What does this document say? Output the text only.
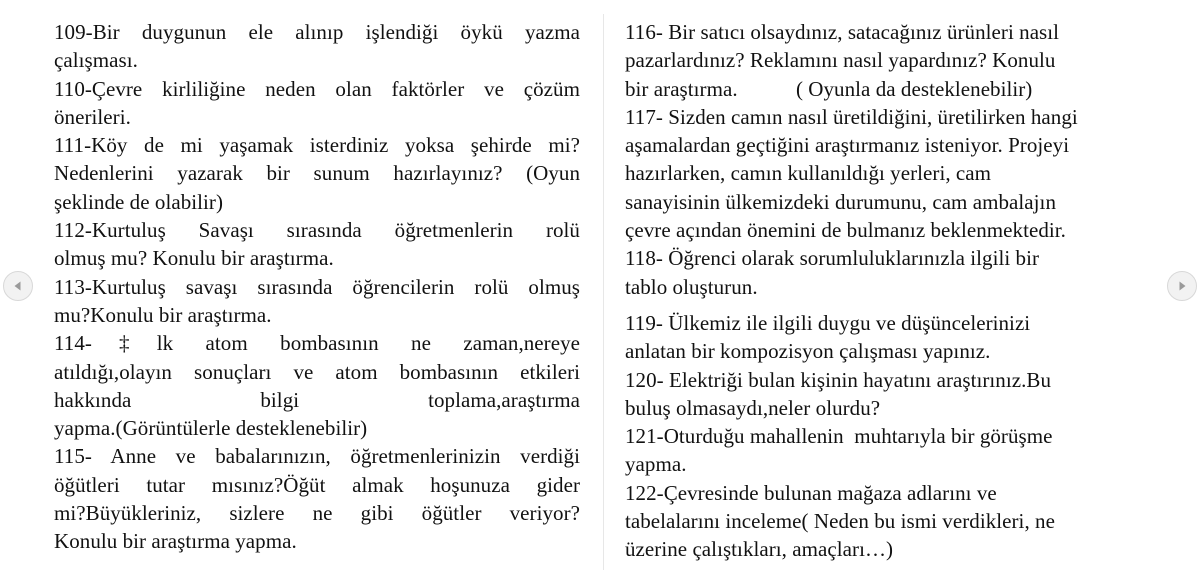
109-Bir duygunun ele alınıp işlendiği öykü yazma
çalışması.
110-Çevre kirliliğine neden olan faktörler ve çözüm
önerileri.
111-Köy de mi yaşamak isterdiniz yoksa şehirde mi?
Nedenlerini yazarak bir sunum hazırlayınız? (Oyun
şeklinde de olabilir)
112-Kurtuluş Savaşı sırasında öğretmenlerin rolü
olmuş mu? Konulu bir araştırma.
113-Kurtuluş savaşı sırasında öğrencilerin rolü olmuş
mu?Konulu bir araştırma.
114-‡lk atom bombasının ne zaman,nereye
atıldığı,olayın sonuçları ve atom bombasının etkileri
hakkında bilgi toplama,araştırma
yapma.(Görüntülerle desteklenebilir)
115- Anne ve babalarınızın, öğretmenlerinizin verdiği
öğütleri tutar mısınız?Öğüt almak hoşunuza gider
mi?Büyükleriniz, sizlere ne gibi öğütler veriyor?
Konulu bir araştırma yapma.
116- Bir satıcı olsaydınız, satacağınız ürünleri nasıl
pazarlardınız? Reklamını nasıl yapardınız? Konulu
bir araştırma.           ( Oyunla da desteklenebilir)
117- Sizden camın nasıl üretildiğini, üretilirken hangi
aşamalardan geçtiğini araştırmanız isteniyor. Projeyi
hazırlarken, camın kullanıldığı yerleri, cam
sanayisinin ülkemizdeki durumunu, cam ambalajın
çevre açından önemini de bulmanız beklenmektedir.
118- Öğrenci olarak sorumluluklarınızla ilgili bir
tablo oluşturun.
119- Ülkemiz ile ilgili duygu ve düşüncelerinizi
anlatan bir kompozisyon çalışması yapınız.
120- Elektriği bulan kişinin hayatını araştırınız.Bu
buluş olmasaydı,neler olurdu?
121-Oturduğu mahallenin  muhtarıyla bir görüşme
yapma.
122-Çevresinde bulunan mağaza adlarını ve
tabelalarını inceleme( Neden bu ismi verdikleri, ne
üzerine çalıştıkları, amaçları…)
